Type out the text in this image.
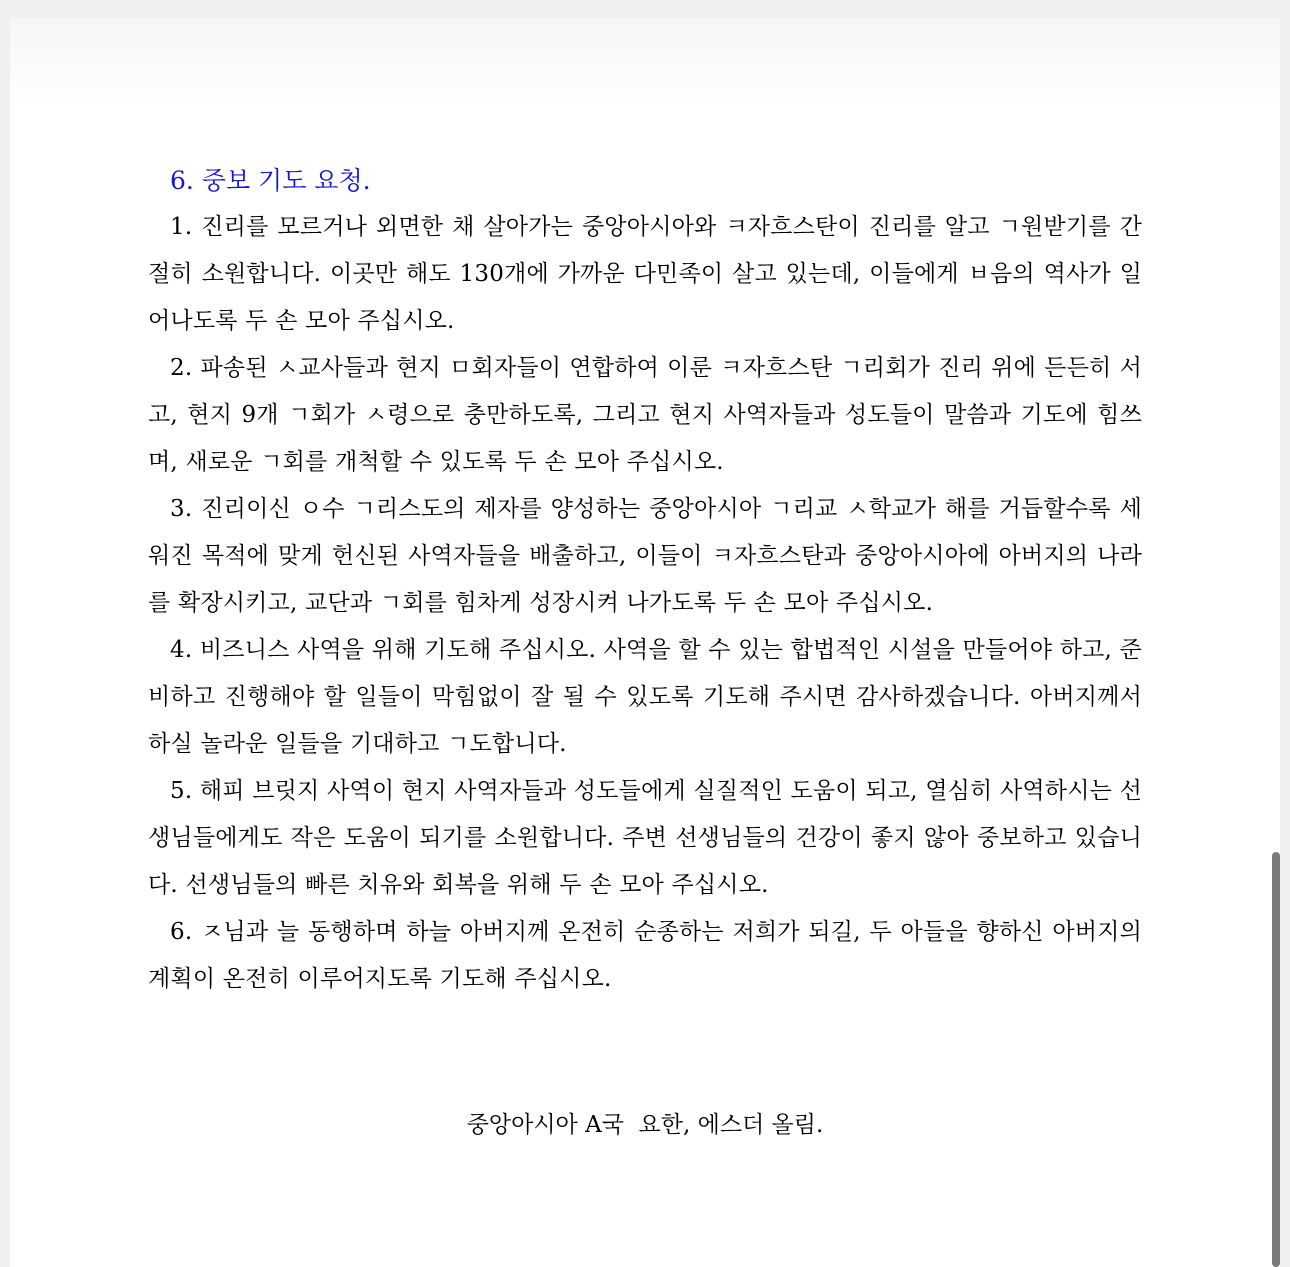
6. 중보 기도 요청.

1. 진리를 모르거나 외면한 채 살아가는 중앙아시아와 ㅋ자흐스탄이 진리를 알고 ㄱ원받기를 간절히 소원합니다. 이곳만 해도 130개에 가까운 다민족이 살고 있는데, 이들에게 ㅂ음의 역사가 일어나도록 두 손 모아 주십시오.

2. 파송된 ㅅ교사들과 현지 ㅁ회자들이 연합하여 이룬 ㅋ자흐스탄 ㄱ리회가 진리 위에 든든히 서고, 현지 9개 ㄱ회가 ㅅ령으로 충만하도록, 그리고 현지 사역자들과 성도들이 말씀과 기도에 힘쓰며, 새로운 ㄱ회를 개척할 수 있도록 두 손 모아 주십시오.

3. 진리이신 ㅇ수 ㄱ리스도의 제자를 양성하는 중앙아시아 ㄱ리교 ㅅ학교가 해를 거듭할수록 세워진 목적에 맞게 헌신된 사역자들을 배출하고, 이들이 ㅋ자흐스탄과 중앙아시아에 아버지의 나라를 확장시키고, 교단과 ㄱ회를 힘차게 성장시켜 나가도록 두 손 모아 주십시오.

4. 비즈니스 사역을 위해 기도해 주십시오. 사역을 할 수 있는 합법적인 시설을 만들어야 하고, 준비하고 진행해야 할 일들이 막힘없이 잘 될 수 있도록 기도해 주시면 감사하겠습니다. 아버지께서 하실 놀라운 일들을 기대하고 ㄱ도합니다.

5. 해피 브릿지 사역이 현지 사역자들과 성도들에게 실질적인 도움이 되고, 열심히 사역하시는 선생님들에게도 작은 도움이 되기를 소원합니다. 주변 선생님들의 건강이 좋지 않아 중보하고 있습니다. 선생님들의 빠른 치유와 회복을 위해 두 손 모아 주십시오.

6. ㅈ님과 늘 동행하며 하늘 아버지께 온전히 순종하는 저희가 되길, 두 아들을 향하신 아버지의 계획이 온전히 이루어지도록 기도해 주십시오.

중앙아시아 A국  요한, 에스더 올림.
